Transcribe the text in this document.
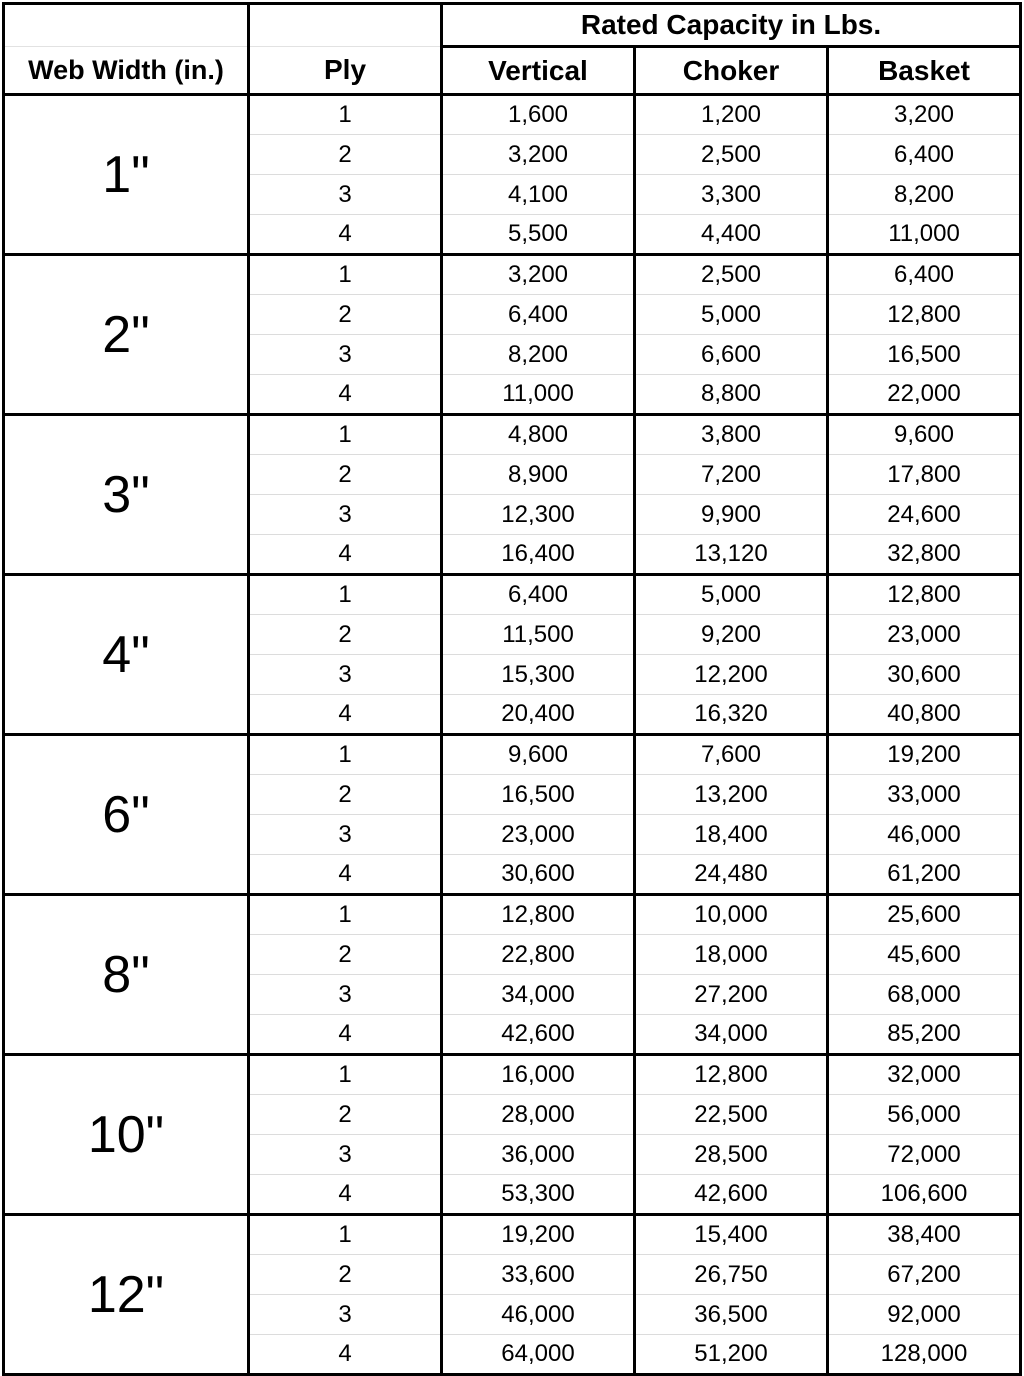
		Rated Capacity in Lbs.		
Web Width (in.)	Ply	Vertical	Choker	Basket
1"	1	1,600	1,200	3,200
	2	3,200	2,500	6,400
	3	4,100	3,300	8,200
	4	5,500	4,400	11,000
2"	1	3,200	2,500	6,400
	2	6,400	5,000	12,800
	3	8,200	6,600	16,500
	4	11,000	8,800	22,000
3"	1	4,800	3,800	9,600
	2	8,900	7,200	17,800
	3	12,300	9,900	24,600
	4	16,400	13,120	32,800
4"	1	6,400	5,000	12,800
	2	11,500	9,200	23,000
	3	15,300	12,200	30,600
	4	20,400	16,320	40,800
6"	1	9,600	7,600	19,200
	2	16,500	13,200	33,000
	3	23,000	18,400	46,000
	4	30,600	24,480	61,200
8"	1	12,800	10,000	25,600
	2	22,800	18,000	45,600
	3	34,000	27,200	68,000
	4	42,600	34,000	85,200
10"	1	16,000	12,800	32,000
	2	28,000	22,500	56,000
	3	36,000	28,500	72,000
	4	53,300	42,600	106,600
12"	1	19,200	15,400	38,400
	2	33,600	26,750	67,200
	3	46,000	36,500	92,000
	4	64,000	51,200	128,000
